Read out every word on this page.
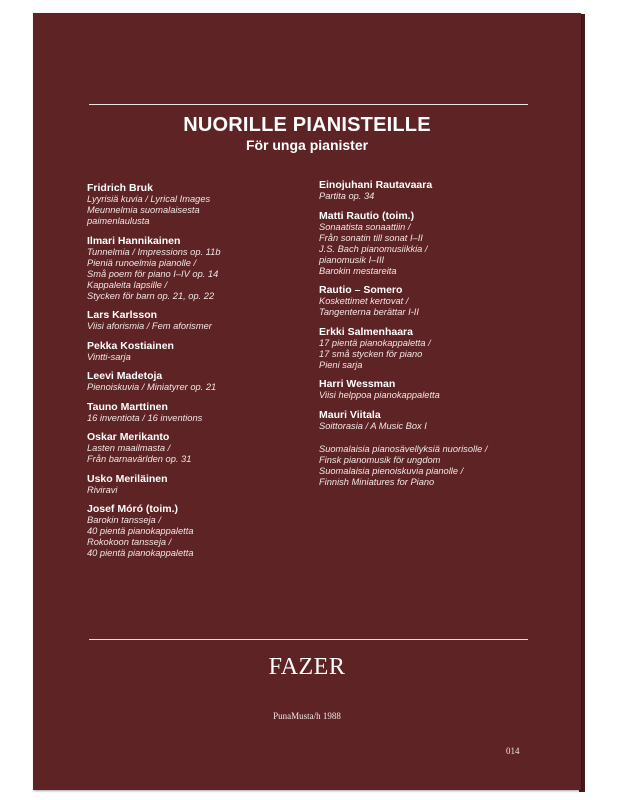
NUORILLE PIANISTEILLE
För unga pianister
Fridrich Bruk
Lyyrisiä kuvia / Lyrical Images
Meunnelmia suomalaisesta
paimenlaulusta
Ilmari Hannikainen
Tunnelmia / Impressions op. 11b
Pieniä runoelmia pianolle /
Små poem för piano I–IV op. 14
Kappaleita lapsille /
Stycken för barn op. 21, op. 22
Lars Karlsson
Viisi aforismia / Fem aforismer
Pekka Kostiainen
Vintti-sarja
Leevi Madetoja
Pienoiskuvia / Miniatyrer op. 21
Tauno Marttinen
16 inventiota / 16 inventions
Oskar Merikanto
Lasten maailmasta /
Från barnavärlden op. 31
Usko Meriläinen
Riviravi
Josef Móró (toim.)
Barokin tansseja /
40 pientä pianokappaletta
Rokokoon tansseja /
40 pientä pianokappaletta
Einojuhani Rautavaara
Partita op. 34
Matti Rautio (toim.)
Sonaatista sonaattiin /
Från sonatin till sonat I–II
J.S. Bach pianomusiikkia /
pianomusik I–III
Barokin mestareita
Rautio – Somero
Koskettimet kertovat /
Tangenterna berättar I-II
Erkki Salmenhaara
17 pientä pianokappaletta /
17 små stycken för piano
Pieni sarja
Harri Wessman
Viisi helppoa pianokappaletta
Mauri Viitala
Soittorasia / A Music Box I
Suomalaisia pianosävellyksiä nuorisolle /
Finsk pianomusik för ungdom
Suomalaisia pienoiskuvia pianolle /
Finnish Miniatures for Piano
FAZER
PunaMusta/h 1988
014
